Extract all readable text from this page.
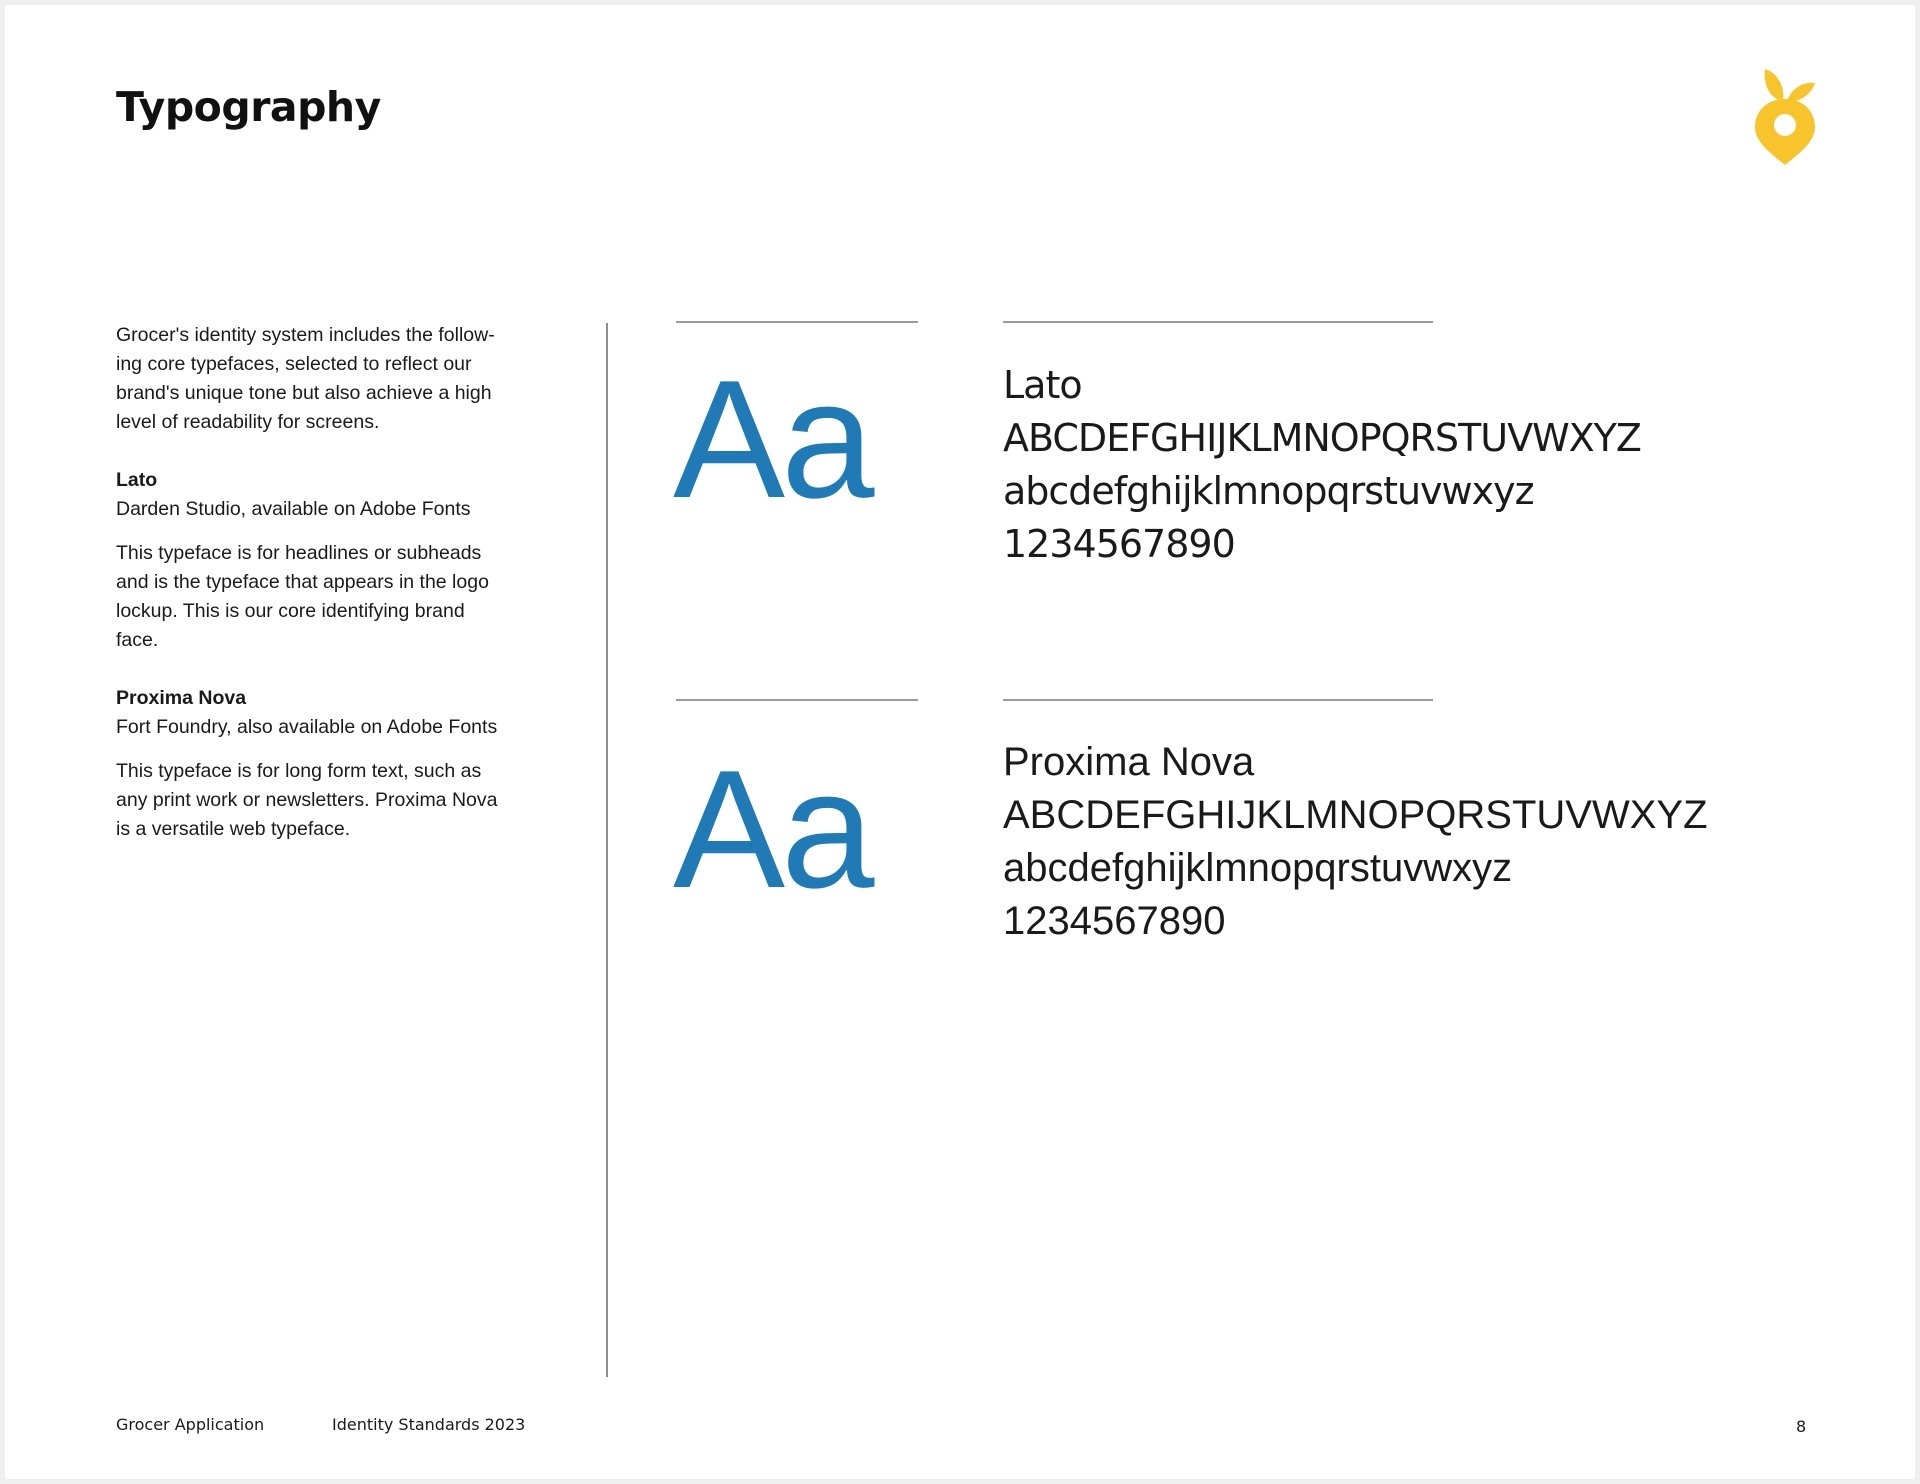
Typography

Grocer's identity system includes the follow-
ing core typefaces, selected to reflect our
brand's unique tone but also achieve a high
level of readability for screens.

Lato

Darden Studio, available on Adobe Fonts

This typeface is for headlines or subheads
and is the typeface that appears in the logo
lockup. This is our core identifying brand
face.

Proxima Nova

Fort Foundry, also available on Adobe Fonts

This typeface is for long form text, such as
any print work or newsletters. Proxima Nova
is a versatile web typeface.

Aa	Lato
ABCDEFGHIJKLMNOPQRSTUVWXYZ
abcdefghijklmnopqrstuvwxyz
1234567890
Aa	Proxima Nova
ABCDEFGHIJKLMNOPQRSTUVWXYZ
abcdefghijklmnopqrstuvwxyz
1234567890
Grocer Application	Identity Standards 2023	8
